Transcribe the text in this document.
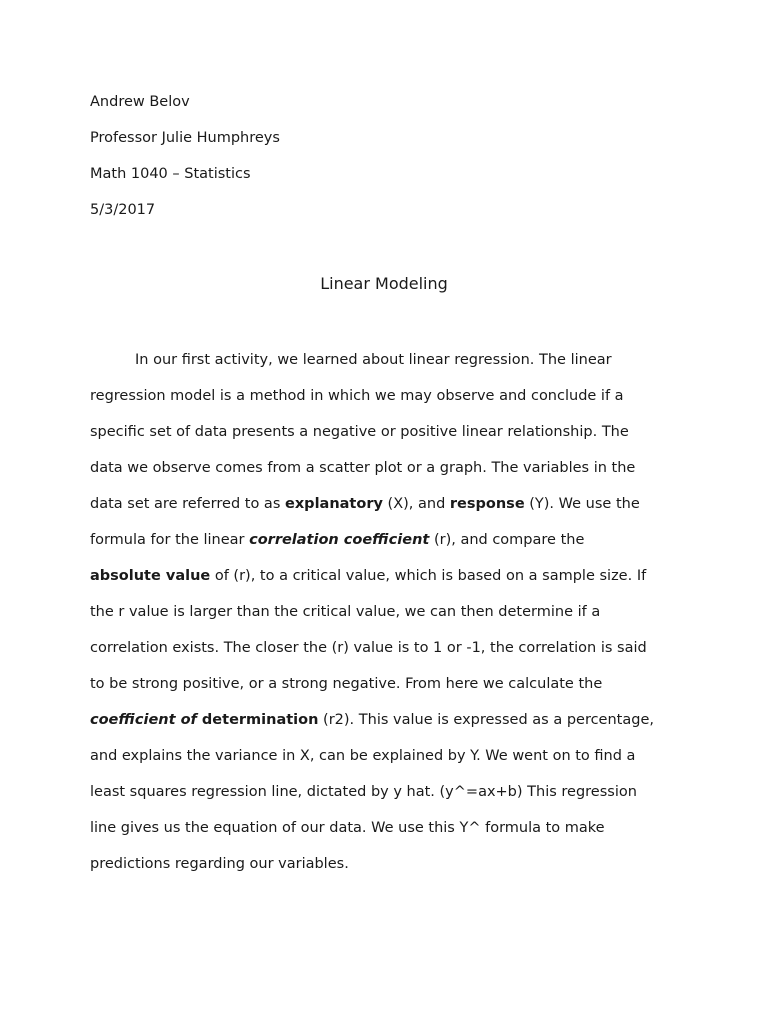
Andrew Belov

Professor Julie Humphreys

Math 1040 – Statistics

5/3/2017

Linear Modeling

In our first activity, we learned about linear regression. The linear

regression model is a method in which we may observe and conclude if a

specific set of data presents a negative or positive linear relationship. The

data we observe comes from a scatter plot or a graph. The variables in the

data set are referred to as explanatory (X), and response (Y). We use the

formula for the linear correlation coefficient (r), and compare the

absolute value of (r), to a critical value, which is based on a sample size. If

the r value is larger than the critical value, we can then determine if a

correlation exists. The closer the (r) value is to 1 or -1, the correlation is said

to be strong positive, or a strong negative. From here we calculate the

coefficient of determination (r2). This value is expressed as a percentage,

and explains the variance in X, can be explained by Y. We went on to find a

least squares regression line, dictated by y hat. (y^=ax+b) This regression

line gives us the equation of our data. We use this Y^ formula to make

predictions regarding our variables.
